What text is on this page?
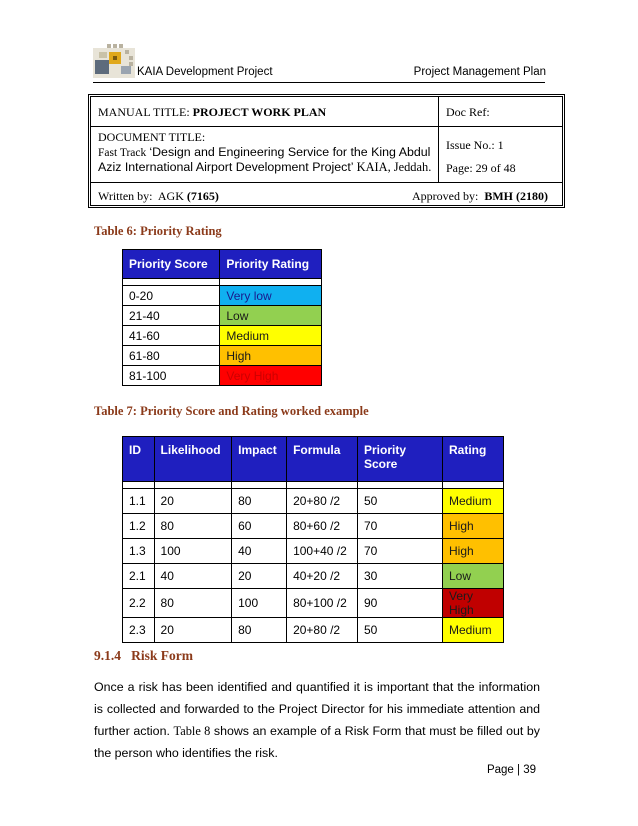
KAIA Development Project	Project Management Plan
MANUAL TITLE: PROJECT WORK PLAN	Doc Ref:
DOCUMENT TITLE:
Fast Track ‘Design and Engineering Service for the King Abdul
Aziz International Airport Development Project’ KAIA, Jeddah.
Issue No.: 1
Page: 29 of 48
Written by: AGK (7165)	Approved by: BMH (2180)
Table 6: Priority Rating
Priority Score	Priority Rating

0-20	Very low
21-40	Low
41-60	Medium
61-80	High
81-100	Very High
Table 7: Priority Score and Rating worked example
ID	Likelihood	Impact	Formula	Priority Score	Rating

1.1	20	80	20+80 /2	50	Medium
1.2	80	60	80+60 /2	70	High
1.3	100	40	100+40 /2	70	High
2.1	40	20	40+20 /2	30	Low
2.2	80	100	80+100 /2	90	Very High
2.3	20	80	20+80 /2	50	Medium
9.1.4 Risk Form
Once a risk has been identified and quantified it is important that the information is collected and forwarded to the Project Director for his immediate attention and further action. Table 8 shows an example of a Risk Form that must be filled out by the person who identifies the risk.
Page | 39
